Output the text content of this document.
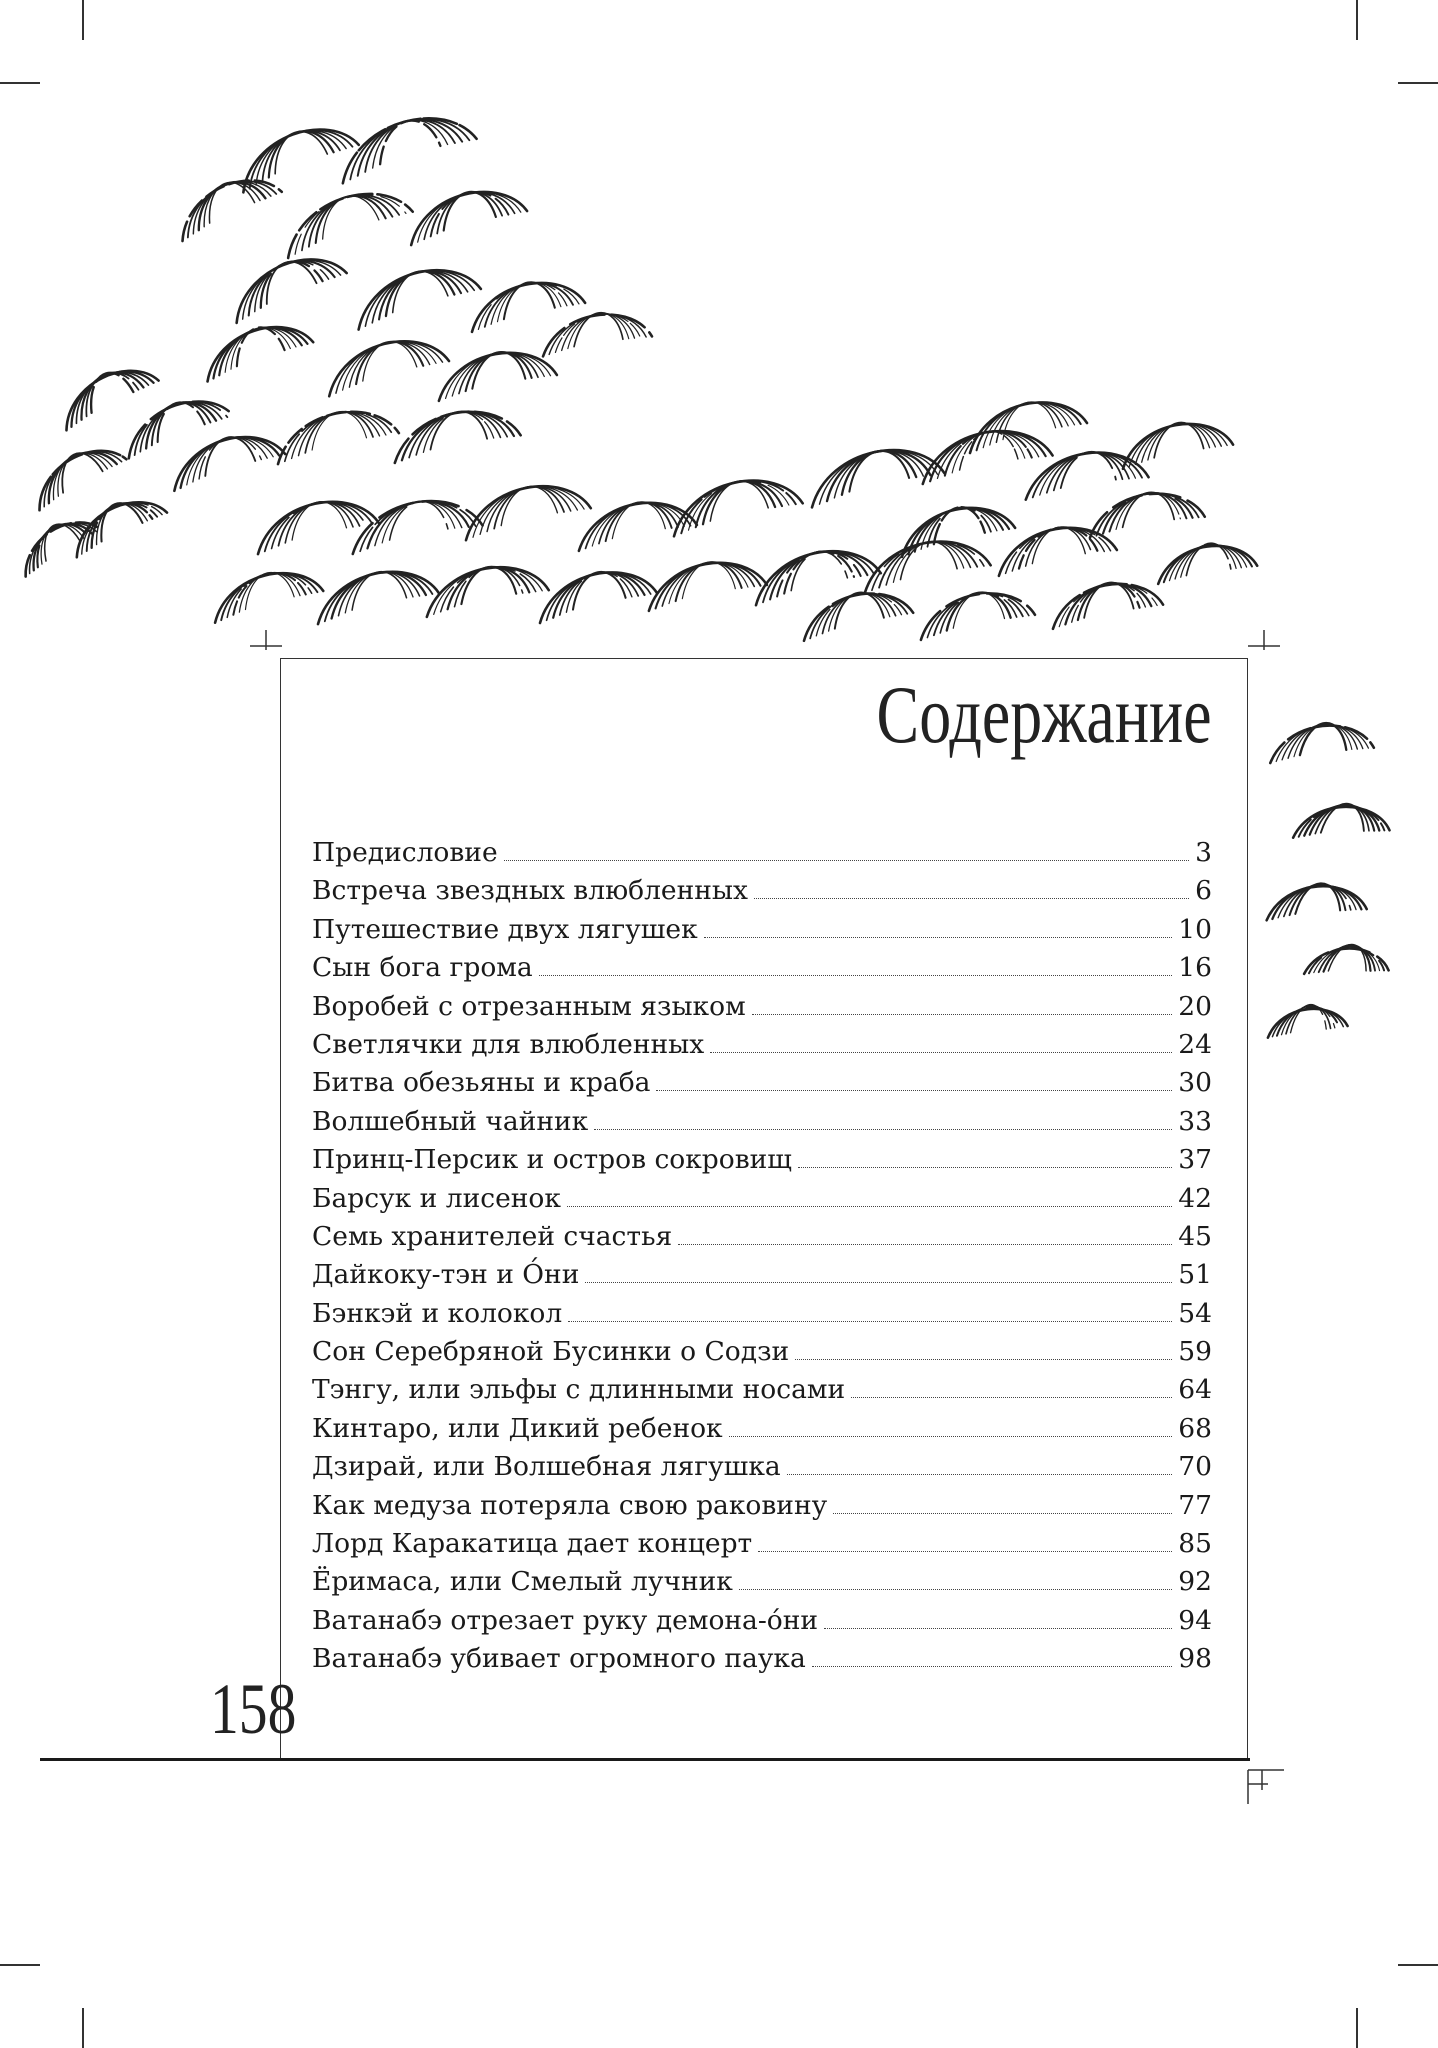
Содержание
Предисловие	3
Встреча звездных влюбленных	6
Путешествие двух лягушек	10
Сын бога грома	16
Воробей с отрезанным языком	20
Светлячки для влюбленных	24
Битва обезьяны и краба	30
Волшебный чайник	33
Принц-Персик и остров сокровищ	37
Барсук и лисенок	42
Семь хранителей счастья	45
Дайкоку-тэн и О́ни	51
Бэнкэй и колокол	54
Сон Серебряной Бусинки о Содзи	59
Тэнгу, или эльфы с длинными носами	64
Кинтаро, или Дикий ребенок	68
Дзирай, или Волшебная лягушка	70
Как медуза потеряла свою раковину	77
Лорд Каракатица дает концерт	85
Ёримаса, или Смелый лучник	92
Ватанабэ отрезает руку демона-о́ни	94
Ватанабэ убивает огромного паука	98
158
